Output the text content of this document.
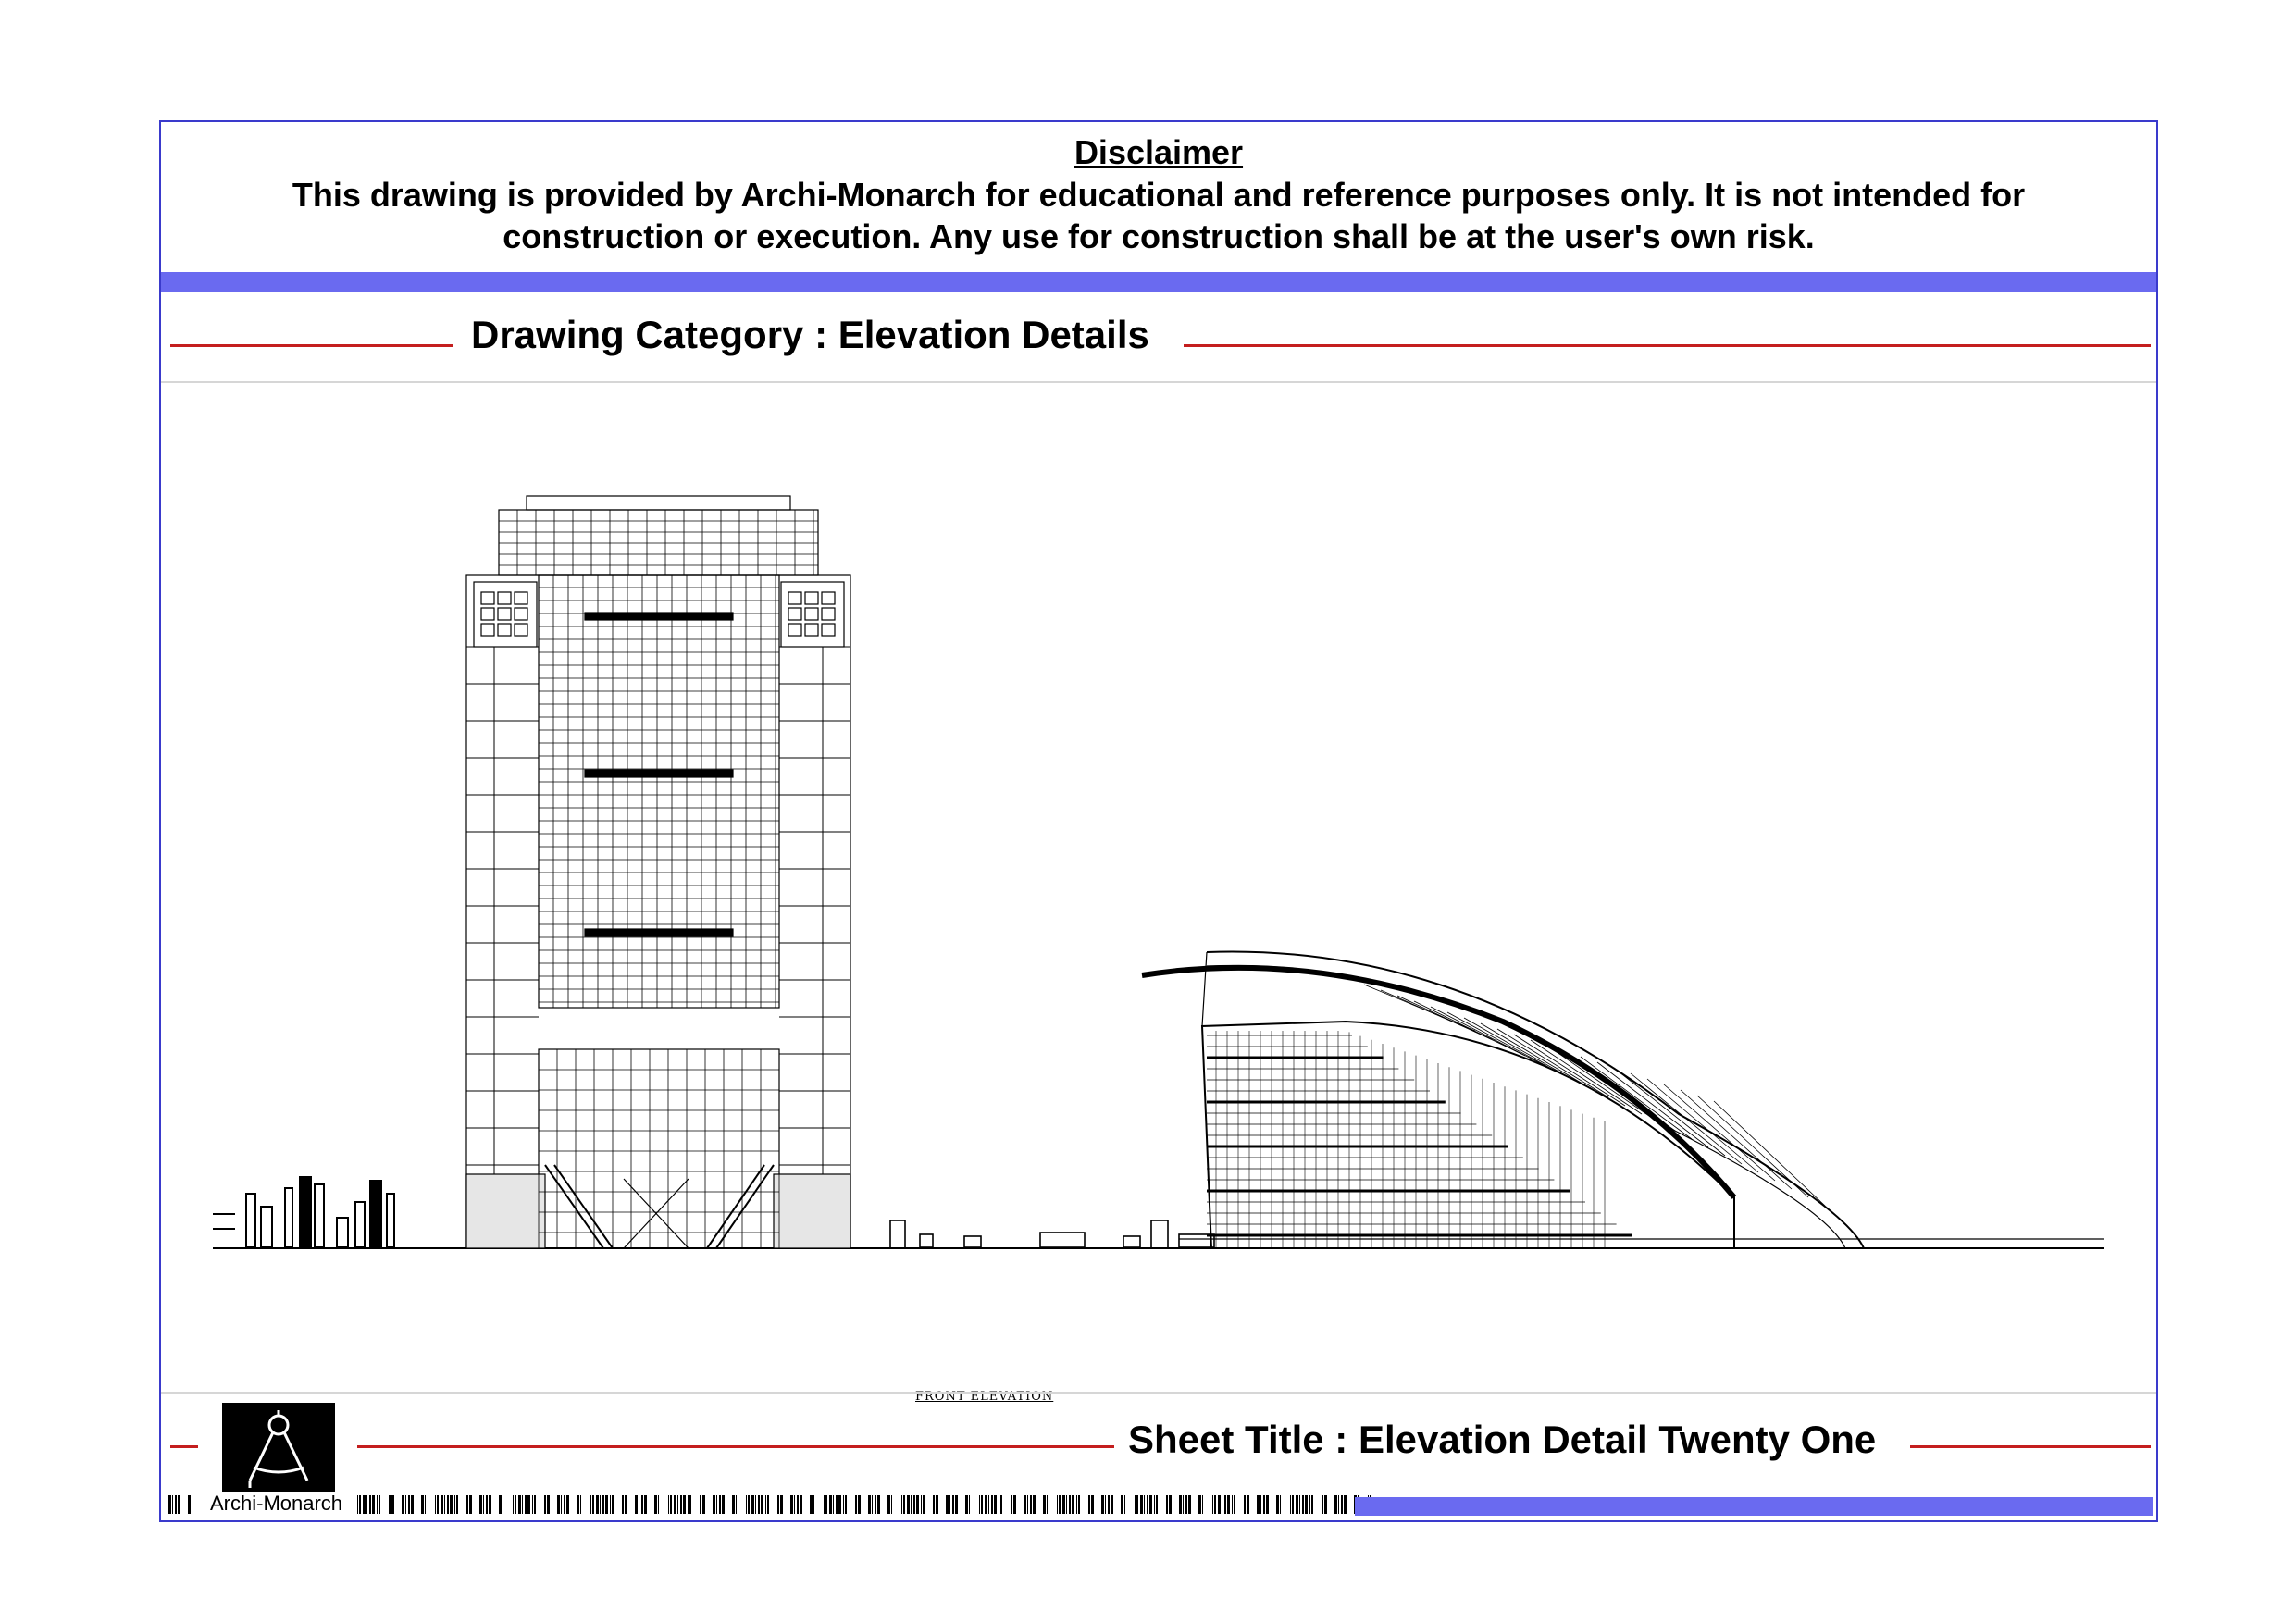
Disclaimer
This drawing is provided by Archi-Monarch for educational and reference purposes only. It is not intended for
construction or execution. Any use for construction shall be at the user's own risk.
Drawing Category : Elevation Details
FRONT ELEVATION
Archi-Monarch
Sheet Title : Elevation Detail Twenty One
